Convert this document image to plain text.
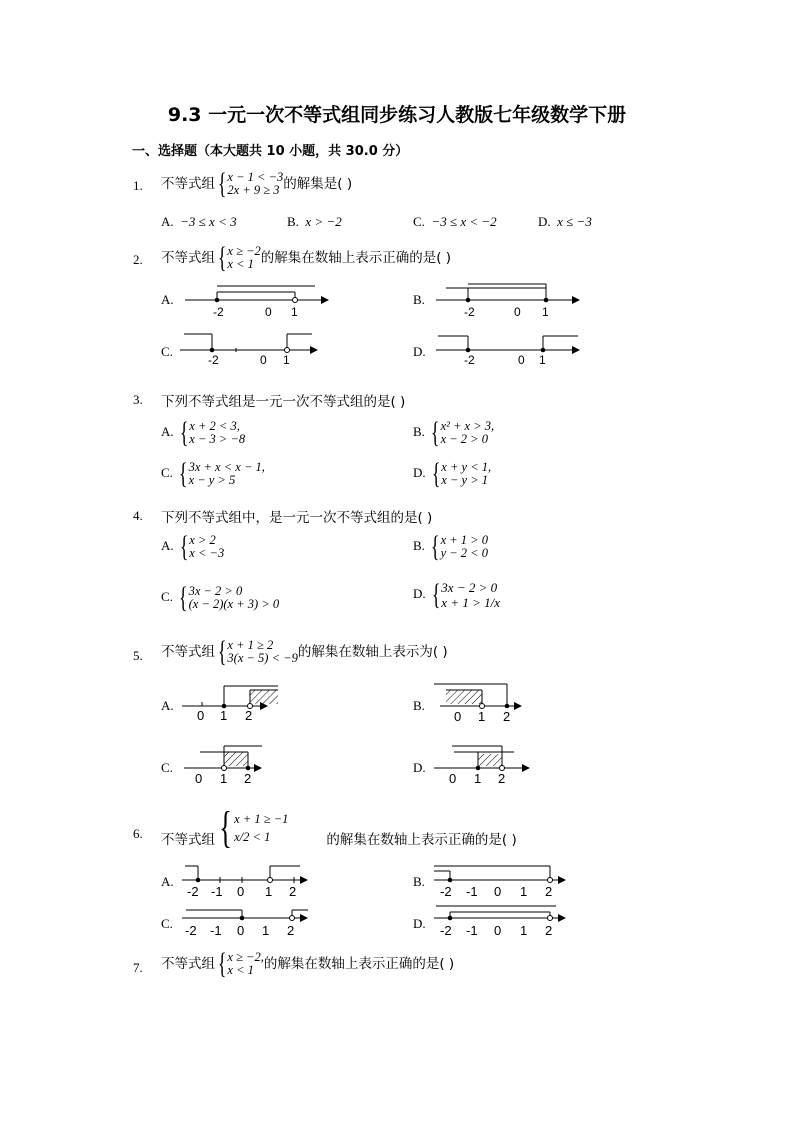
9.3 一元一次不等式组同步练习人教版七年级数学下册
一、选择题（本大题共 10 小题，共 30.0 分）
1. 不等式组{ x − 1 < −3
2x + 9 ≥ 3 的解集是( )
A. −3 ≤ x < 3	B. x > −2	C. −3 ≤ x < −2	D. x ≤ −3
2. 不等式组{ x ≥ −2
x < 1 的解集在数轴上表示正确的是( )
A.
-2	0 1
B.
-2	0 1
C.
-2	0 1
D.
-2	0 1
3. 下列不等式组是一元一次不等式组的是( )
A. { x + 2 < 3,
x − 3 > −8
B. { x² + x > 3,
x − 2 > 0
C. { 3x + x < x − 1,
x − y > 5
D. { x + y < 1,
x − y > 1
4. 下列不等式组中，是一元一次不等式组的是( )
A. { x > 2
x < −3
B. { x + 1 > 0
y − 2 < 0
C. { 3x − 2 > 0
(x − 2)(x + 3) > 0
D. { 3x − 2 > 0
x + 1 > 1/x
5. 不等式组{ x + 1 ≥ 2
3(x − 5) < −9 的解集在数轴上表示为( )
A.
0 1 2
B.
0 1 2
C.
0 1 2
D.
0 1 2
6. 不等式组{ x + 1 ≥ −1
x/2 < 1	的解集在数轴上表示正确的是( )
A.
-2 -1 0 1 2
B.
-2 -1 0 1 2
C. -2 -1 0 1 2	D. -2 -1 0 1 2
7. 不等式组{ x ≥ −2,
x < 1 的解集在数轴上表示正确的是( )
